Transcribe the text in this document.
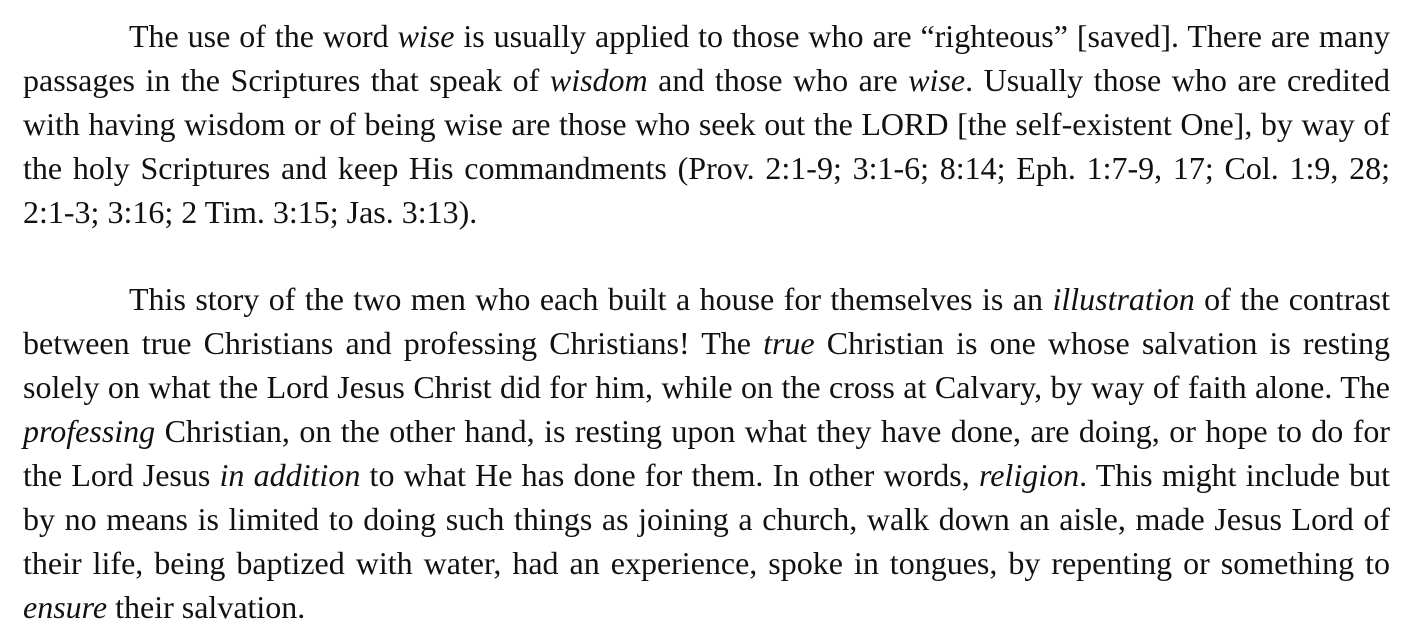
The use of the word wise is usually applied to those who are “righteous” [saved]. There are many passages in the Scriptures that speak of wisdom and those who are wise. Usually those who are credited with having wisdom or of being wise are those who seek out the LORD [the self-existent One], by way of the holy Scriptures and keep His commandments (Prov. 2:1-9; 3:1-6; 8:14; Eph. 1:7-9, 17; Col. 1:9, 28; 2:1-3; 3:16; 2 Tim. 3:15; Jas. 3:13).

This story of the two men who each built a house for themselves is an illustration of the contrast between true Christians and professing Christians! The true Christian is one whose salvation is resting solely on what the Lord Jesus Christ did for him, while on the cross at Calvary, by way of faith alone. The professing Christian, on the other hand, is resting upon what they have done, are doing, or hope to do for the Lord Jesus in addition to what He has done for them. In other words, religion. This might include but by no means is limited to doing such things as joining a church, walk down an aisle, made Jesus Lord of their life, being baptized with water, had an experience, spoke in tongues, by repenting or something to ensure their salvation.
